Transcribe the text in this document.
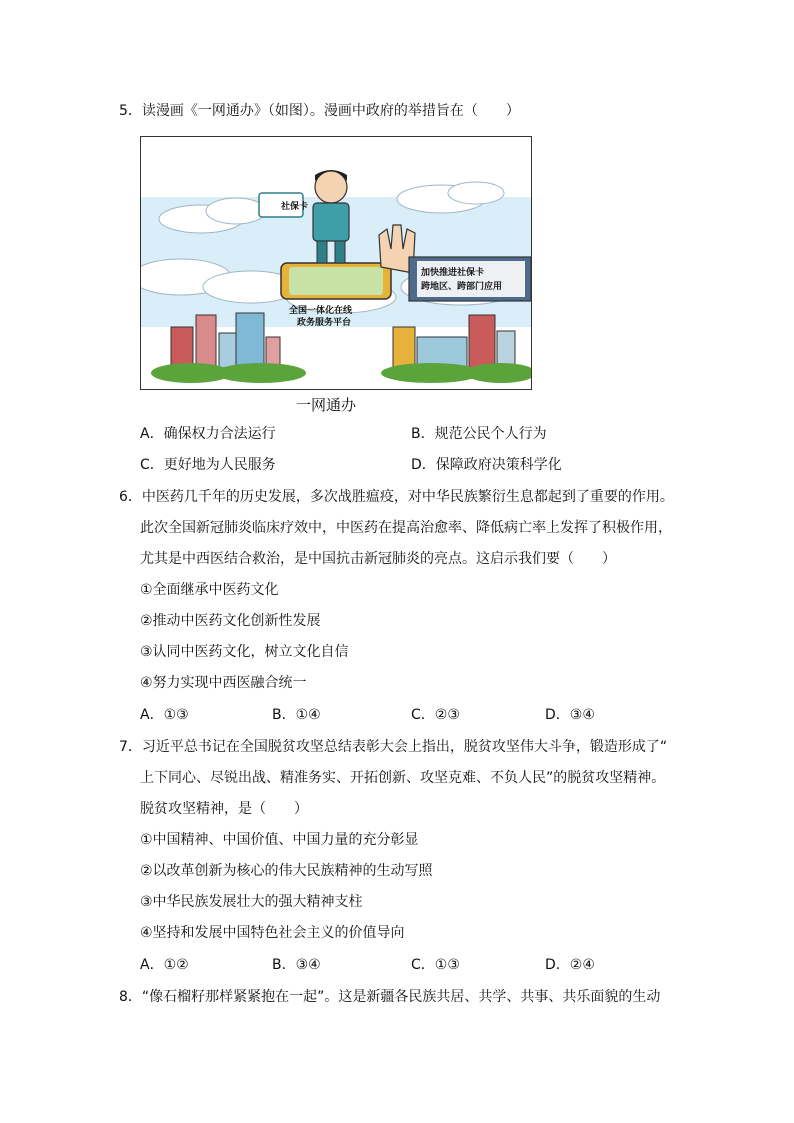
5．读漫画《一网通办》（如图）。漫画中政府的举措旨在（　　）
社保卡
全国一体化在线
政务服务平台
加快推进社保卡
跨地区、跨部门应用
一网通办
A．确保权力合法运行	B．规范公民个人行为
C．更好地为人民服务	D．保障政府决策科学化
6．中医药几千年的历史发展，多次战胜瘟疫，对中华民族繁衍生息都起到了重要的作用。
此次全国新冠肺炎临床疗效中，中医药在提高治愈率、降低病亡率上发挥了积极作用，
尤其是中西医结合救治，是中国抗击新冠肺炎的亮点。这启示我们要（　　）
①全面继承中医药文化
②推动中医药文化创新性发展
③认同中医药文化，树立文化自信
④努力实现中西医融合统一
A．①③	B．①④	C．②③	D．③④
7．习近平总书记在全国脱贫攻坚总结表彰大会上指出，脱贫攻坚伟大斗争，锻造形成了“
上下同心、尽锐出战、精准务实、开拓创新、攻坚克难、不负人民”的脱贫攻坚精神。
脱贫攻坚精神，是（　　）
①中国精神、中国价值、中国力量的充分彰显
②以改革创新为核心的伟大民族精神的生动写照
③中华民族发展壮大的强大精神支柱
④坚持和发展中国特色社会主义的价值导向
A．①②	B．③④	C．①③	D．②④
8．“像石榴籽那样紧紧抱在一起”。这是新疆各民族共居、共学、共事、共乐面貌的生动
